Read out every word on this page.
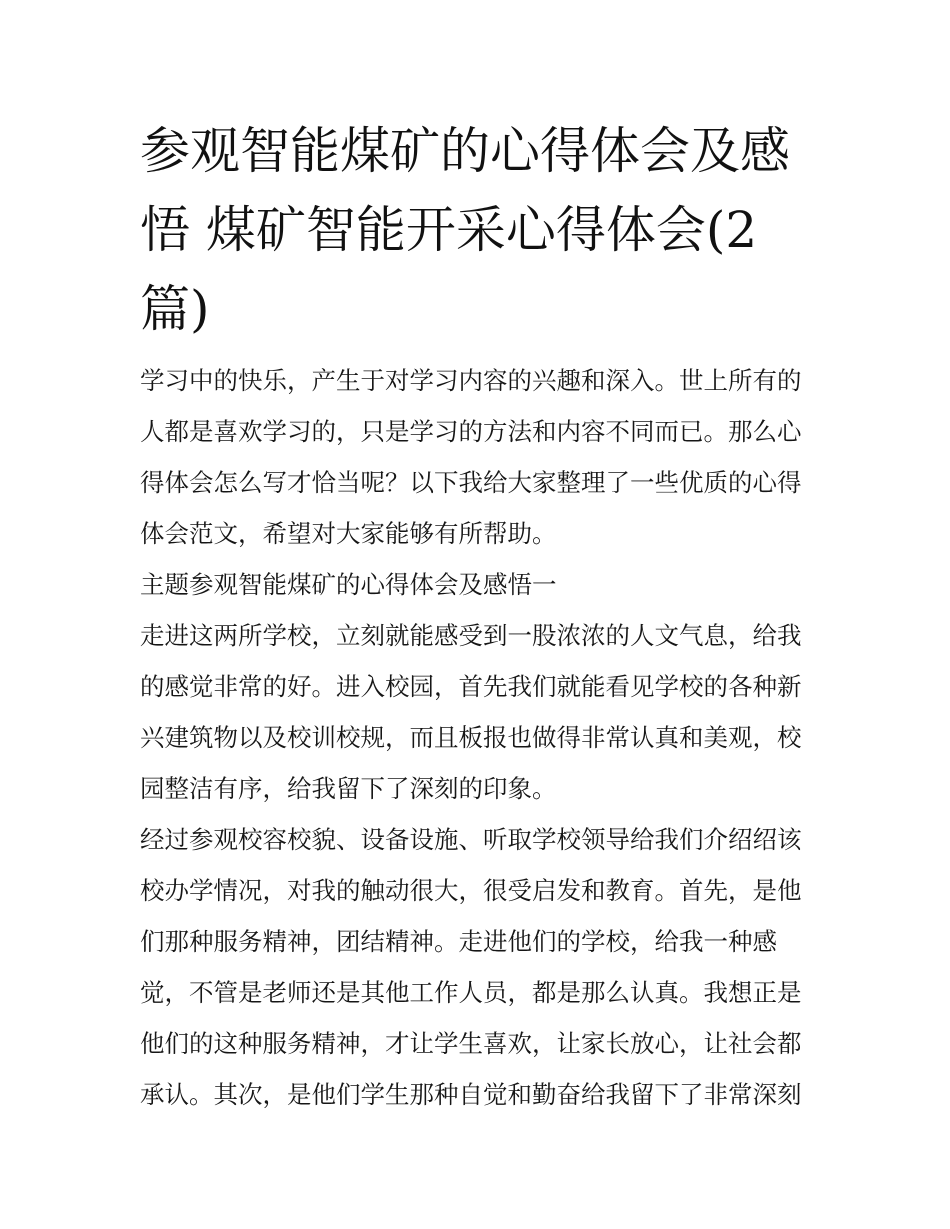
参观智能煤矿的心得体会及感
悟 煤矿智能开采心得体会(2
篇)

学习中的快乐，产生于对学习内容的兴趣和深入。世上所有的
人都是喜欢学习的，只是学习的方法和内容不同而已。那么心
得体会怎么写才恰当呢？以下我给大家整理了一些优质的心得
体会范文，希望对大家能够有所帮助。

主题参观智能煤矿的心得体会及感悟一

走进这两所学校，立刻就能感受到一股浓浓的人文气息，给我
的感觉非常的好。进入校园，首先我们就能看见学校的各种新
兴建筑物以及校训校规，而且板报也做得非常认真和美观，校
园整洁有序，给我留下了深刻的印象。

经过参观校容校貌、设备设施、听取学校领导给我们介绍绍该
校办学情况，对我的触动很大，很受启发和教育。首先，是他
们那种服务精神，团结精神。走进他们的学校，给我一种感
觉，不管是老师还是其他工作人员，都是那么认真。我想正是
他们的这种服务精神，才让学生喜欢，让家长放心，让社会都
承认。其次，是他们学生那种自觉和勤奋给我留下了非常深刻
